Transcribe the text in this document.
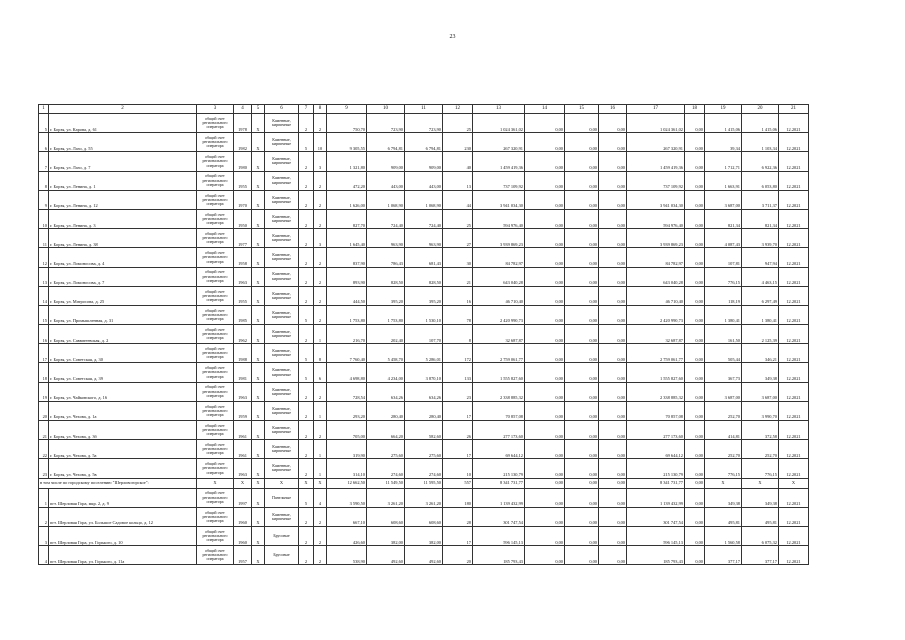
23
1	2	3	4	5	6	7	8	9	10	11	12	13	14	15	16	17	18	19	20	21
5	г. Борзя, ул. Карова, д. 61	общий счет регионального оператора	1978	X	Каменные, кирпичные	2	2	750,70	723,90	723,90	25	1 024 361,02	0,00	0,00	0,00	1 024 361,02	0,00	1 415,06	1 415,06	12.2021
6	г. Борзя, ул. Лазо, д. 55	общий счет регионального оператора	1982	X	Каменные, кирпичные	5	10	9 305,55	6 794,81	6 794,81	230	267 320,91	0,00	0,00	0,00	267 320,91	0,00	39,34	1 103,34	12.2021
7	г. Борзя, ул. Лазо, д. 7	общий счет регионального оператора	1980	X	Каменные, кирпичные	2	3	1 321,80	909,00	909,00	40	1 459 419,36	0,00	0,00	0,00	1 459 419,36	0,00	1 712,71	6 922,36	12.2021
8	г. Борзя, ул. Ленина, д. 1	общий счет регионального оператора	1955	X	Каменные, кирпичные	2	2	472,20	443,00	443,00	13	737 109,92	0,00	0,00	0,00	737 109,92	0,00	1 663,91	6 053,80	12.2021
9	г. Борзя, ул. Ленина, д. 12	общий счет регионального оператора	1970	X	Каменные, кирпичные	2	2	1 626,00	1 068,90	1 068,90	44	3 941 034,30	0,00	0,00	0,00	3 941 034,30	0,00	3 687,00	3 711,37	12.2021
10	г. Борзя, ул. Ленина, д. 3	общий счет регионального оператора	1950	X	Каменные, кирпичные	2	2	827,70	724,40	724,40	25	594 976,40	0,00	0,00	0,00	594 976,40	0,00	821,34	821,34	12.2021
11	г. Борзя, ул. Ленина, д. 38	общий счет регионального оператора	1977	X	Каменные, кирпичные	2	3	1 645,40	963,90	963,90	27	3 939 869,23	0,00	0,00	0,00	3 939 869,23	0,00	4 087,43	3 939,70	12.2021
12	г. Борзя, ул. Ломоносова, д. 4	общий счет регионального оператора	1958	X	Каменные, кирпичные	2	2	837,90	786,43	681,43	30	84 782,97	0,00	0,00	0,00	84 782,97	0,00	107,81	947,94	12.2021
13	г. Борзя, ул. Ломоносова, д. 7	общий счет регионального оператора	1963	X	Каменные, кирпичные	2	2	893,90	828,50	828,50	21	643 040,28	0,00	0,00	0,00	643 040,28	0,00	776,15	4 463,15	12.2021
14	г. Борзя, ул. Матросова, д. 25	общий счет регионального оператора	1955	X	Каменные, кирпичные	2	2	444,50	395,20	395,20	16	46 710,40	0,00	0,00	0,00	46 710,40	0,00	118,19	6 297,49	12.2021
15	г. Борзя, ул. Промышленная, д. 31	общий счет регионального оператора	1985	X	Каменные, кирпичные	5	2	1 753,80	1 753,80	1 530,10	78	2 420 990,73	0,00	0,00	0,00	2 420 990,73	0,00	1 380,41	1 380,41	12.2021
16	г. Борзя, ул. Савватеевская, д. 2	общий счет регионального оператора	1962	X	Каменные, кирпичные	2	1	216,70	202,40	107,70	8	32 687,87	0,00	0,00	0,00	32 687,87	0,00	161,50	2 125,39	12.2021
17	г. Борзя, ул. Советская, д. 30	общий счет регионального оператора	1988	X	Каменные, кирпичные	5	8	7 760,40	5 458,70	5 286,01	172	2 759 061,77	0,00	0,00	0,00	2 759 061,77	0,00	505,44	346,21	12.2021
18	г. Борзя, ул. Советская, д. 39	общий счет регионального оператора	1981	X	Каменные, кирпичные	5	6	4 698,80	4 234,00	3 870,10	133	1 555 827,60	0,00	0,00	0,00	1 555 827,60	0,00	367,73	349,38	12.2021
19	г. Борзя, ул. Чайковского, д. 16	общий счет регионального оператора	1963	X	Каменные, кирпичные	2	2	728,54	634,26	634,26	23	2 338 885,32	0,00	0,00	0,00	2 338 885,32	0,00	3 687,00	3 687,00	12.2021
20	г. Борзя, ул. Чехова, д. 1а	общий счет регионального оператора	1959	X	Каменные, кирпичные	2	1	293,20	280,40	280,40	17	70 857,08	0,00	0,00	0,00	70 857,08	0,00	252,70	3 990,70	12.2021
21	г. Борзя, ул. Чехова, д. 3б	общий счет регионального оператора	1961	X	Каменные, кирпичные	2	2	705,00	664,20	582,60	26	277 173,60	0,00	0,00	0,00	277 173,60	0,00	414,81	372,58	12.2021
22	г. Борзя, ул. Чехова, д. 5а	общий счет регионального оператора	1961	X	Каменные, кирпичные	2	1	319,90	275,60	275,60	17	69 644,12	0,00	0,00	0,00	69 644,12	0,00	252,70	252,70	12.2021
23	г. Борзя, ул. Чехова, д. 5в	общий счет регионального оператора	1963	X	Каменные, кирпичные	2	1	314,10	274,60	274,60	10	215 130,79	0,00	0,00	0,00	215 130,79	0,00	776,15	776,15	12.2021
в том числе по городскому поселению "Шерловогорское":		X	X	X	X	X	X	12 662,50	11 549,50	11 595,50	557	8 341 731,77	0,00	0,00	0,00	8 341 731,77	0,00	X	X	X
1	пгт. Шерловая Гора, мкр. 2, д. 9	общий счет регионального оператора	1997	X	Панельные	5	4	3 590,50	3 261,20	3 261,20	180	1 139 432,99	0,00	0,00	0,00	1 139 432,99	0,00	349,38	349,38	12.2021
2	пгт. Шерловая Гора, ул. Большое Садовое кольцо, д. 12	общий счет регионального оператора	1960	X	Каменные, кирпичные	2	2	667,10	608,60	608,60	28	301 747,54	0,00	0,00	0,00	301 747,54	0,00	495,81	495,81	12.2021
3	пгт. Шерловая Гора, ул. Горького, д. 10	общий счет регионального оператора	1960	X	Брусовые	2	2	426,60	382,00	382,00	17	596 145,13	0,00	0,00	0,00	596 145,13	0,00	1 560,58	6 075,32	12.2021
4	пгт. Шерловая Гора, ул. Горького, д. 11а	общий счет регионального оператора	1957	X	Брусовые	2	2	538,90	492,60	492,60	20	185 793,43	0,00	0,00	0,00	185 793,43	0,00	377,17	377,17	12.2021
